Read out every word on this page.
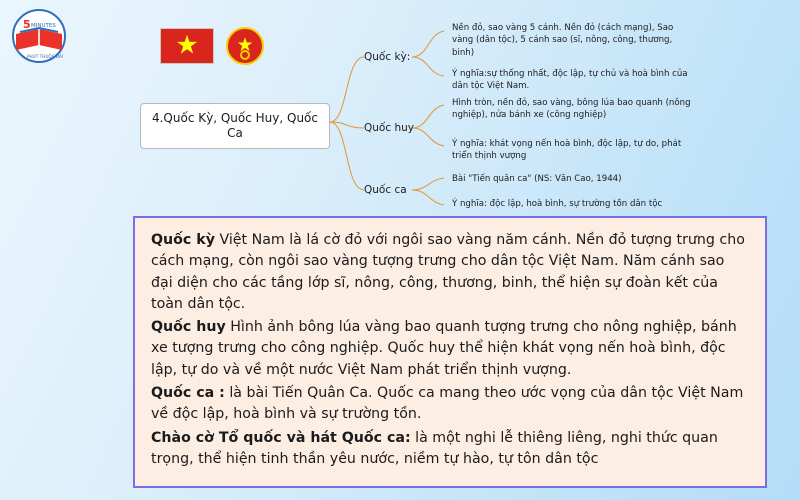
5 MINUTES
PHÚT THUỘC BÀI	★ ★
4.Quốc Kỳ, Quốc Huy, Quốc Ca
Quốc kỳ:
Quốc huy
Quốc ca
Nền đỏ, sao vàng 5 cánh. Nền đỏ (cách mạng), Sao vàng (dân tộc), 5 cánh sao (sĩ, nông, công, thương, binh)
Ý nghĩa:sự thống nhất, độc lập, tự chủ và hoà bình của dân tộc Việt Nam.
Hình tròn, nền đỏ, sao vàng, bông lúa bao quanh (nông nghiệp), nửa bánh xe (công nghiệp)
Ý nghĩa: khát vọng nến hoà bình, độc lập, tự do, phát triển thịnh vượng
Bài "Tiến quân ca" (NS: Văn Cao, 1944)
Ý nghĩa: độc lập, hoà bình, sự trường tồn dân tộc

Quốc kỳ Việt Nam là lá cờ đỏ với ngôi sao vàng năm cánh. Nền đỏ tượng trưng cho cách mạng, còn ngôi sao vàng tượng trưng cho dân tộc Việt Nam. Năm cánh sao đại diện cho các tầng lớp sĩ, nông, công, thương, binh, thể hiện sự đoàn kết của toàn dân tộc.

Quốc huy Hình ảnh bông lúa vàng bao quanh tượng trưng cho nông nghiệp, bánh xe tượng trưng cho công nghiệp. Quốc huy thể hiện khát vọng nến hoà bình, độc lập, tự do và về một nước Việt Nam phát triển thịnh vượng.

Quốc ca : là bài Tiến Quân Ca. Quốc ca mang theo ước vọng của dân tộc Việt Nam về độc lập, hoà bình và sự trường tồn.

Chào cờ Tổ quốc và hát Quốc ca: là một nghi lễ thiêng liêng, nghi thức quan trọng, thể hiện tinh thần yêu nước, niềm tự hào, tự tôn dân tộc
